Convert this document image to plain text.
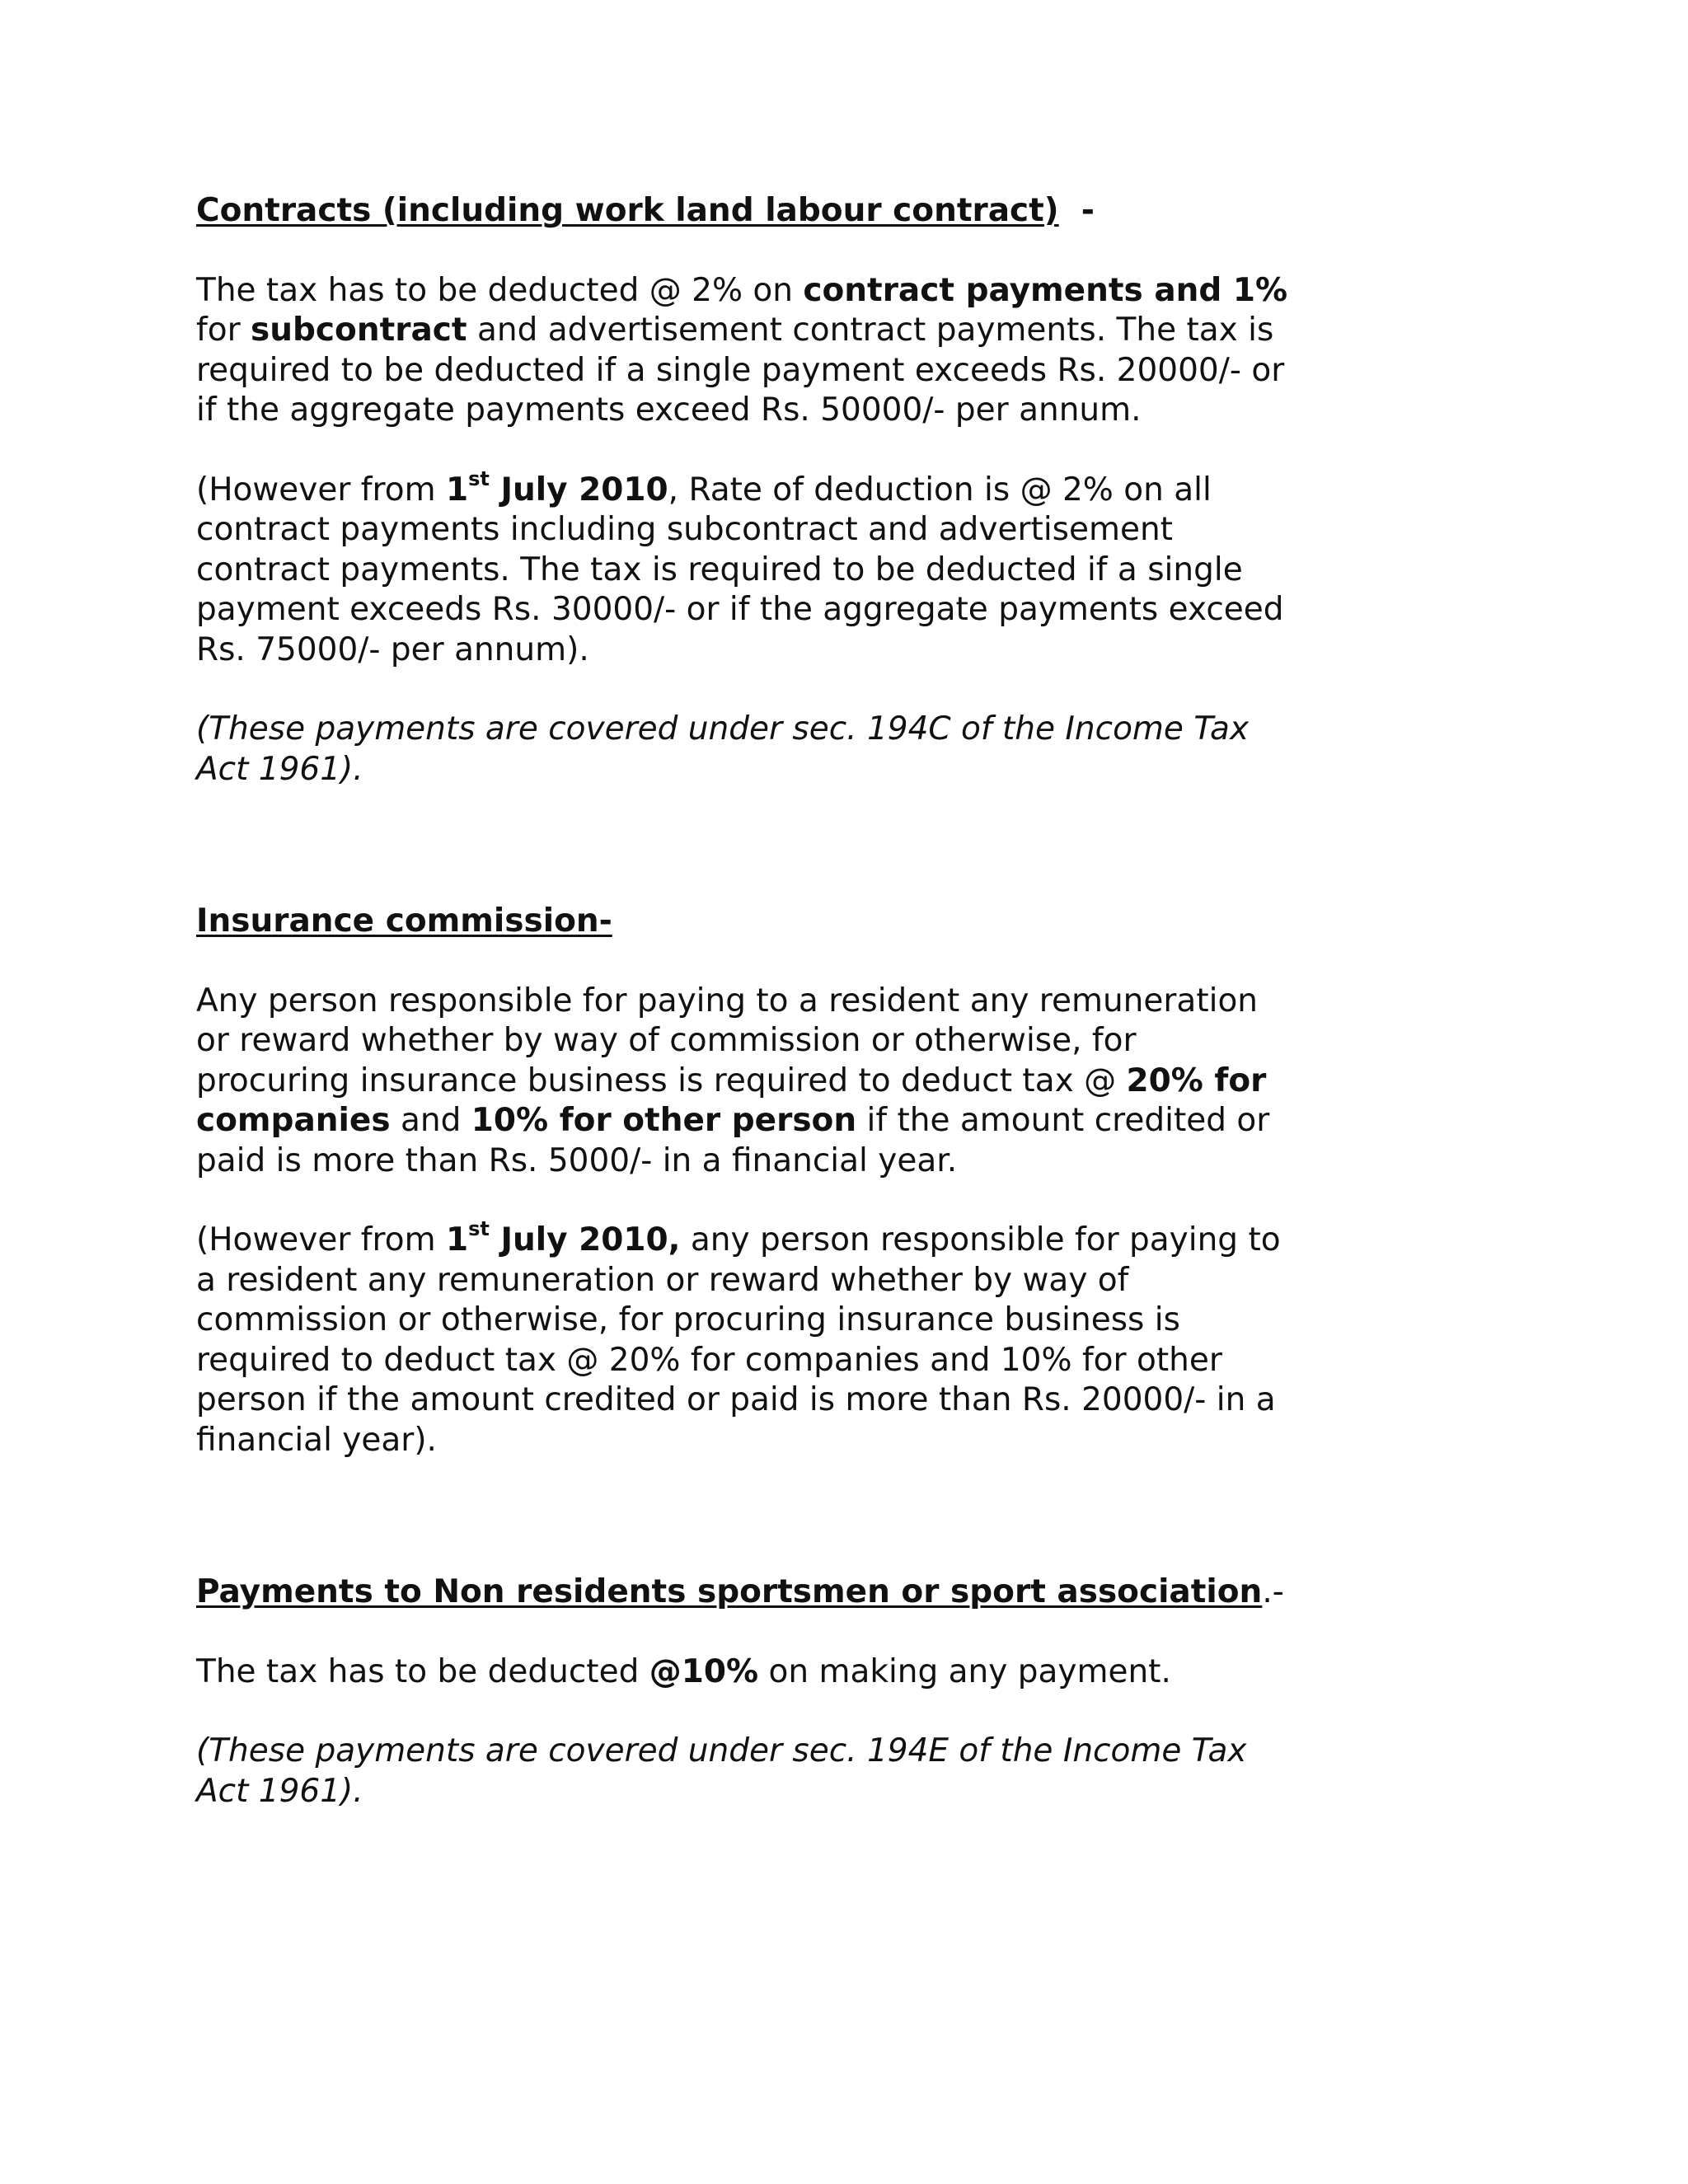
Contracts (including work land labour contract)  -

The tax has to be deducted @ 2% on contract payments and 1% for subcontract and advertisement contract payments. The tax is required to be deducted if a single payment exceeds Rs. 20000/- or if the aggregate payments exceed Rs. 50000/- per annum.

(However from 1st July 2010, Rate of deduction is @ 2% on all contract payments including subcontract and advertisement contract payments. The tax is required to be deducted if a single payment exceeds Rs. 30000/- or if the aggregate payments exceed Rs. 75000/- per annum).

(These payments are covered under sec. 194C of the Income Tax Act 1961).

Insurance commission-

Any person responsible for paying to a resident any remuneration or reward whether by way of commission or otherwise, for procuring insurance business is required to deduct tax @ 20% for companies and 10% for other person if the amount credited or paid is more than Rs. 5000/- in a financial year.

(However from 1st July 2010, any person responsible for paying to a resident any remuneration or reward whether by way of commission or otherwise, for procuring insurance business is required to deduct tax @ 20% for companies and 10% for other person if the amount credited or paid is more than Rs. 20000/- in a financial year).

Payments to Non residents sportsmen or sport association.-

The tax has to be deducted @10% on making any payment.

(These payments are covered under sec. 194E of the Income Tax Act 1961).
